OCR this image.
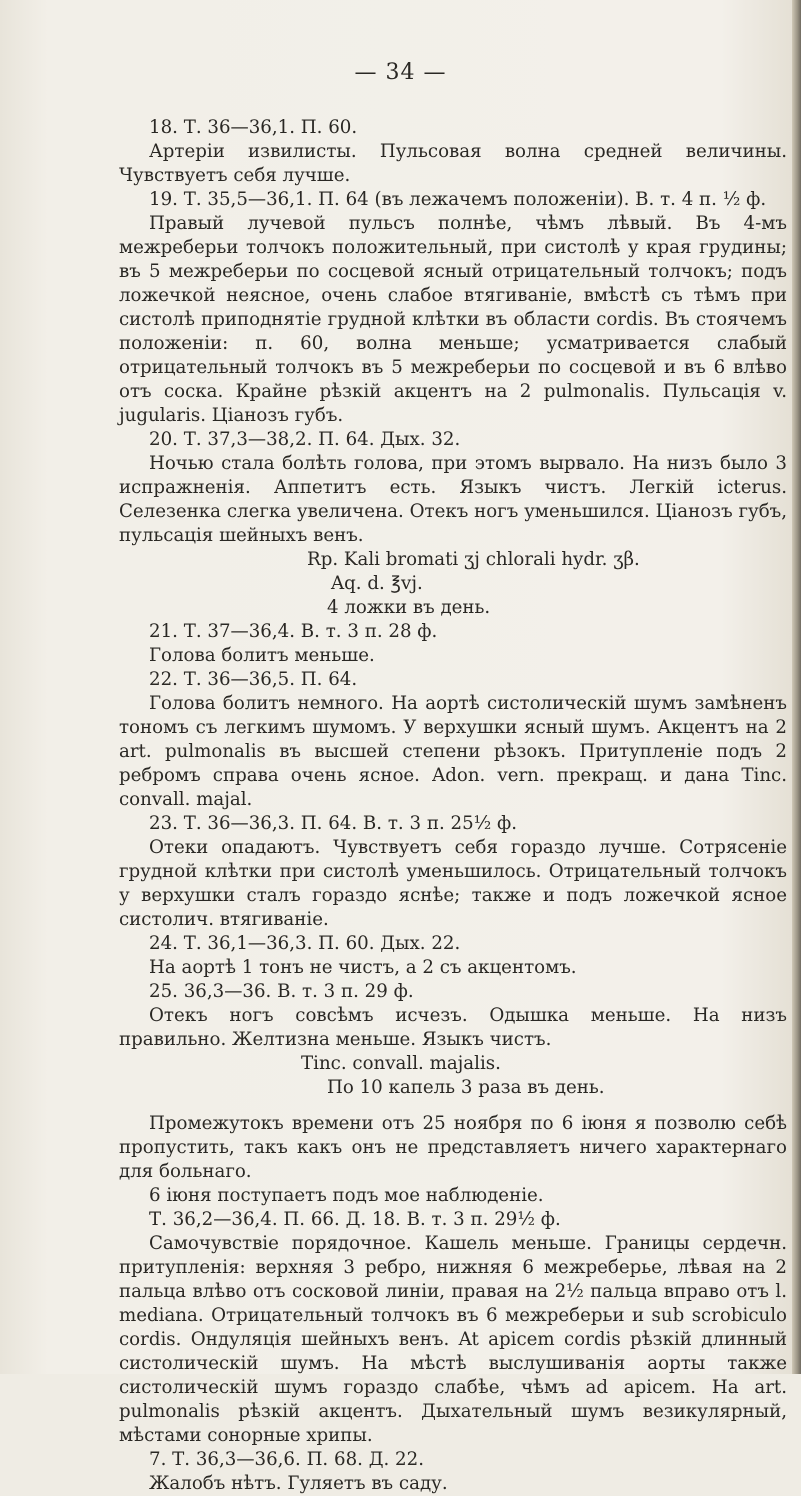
— 34 —

18. Т. 36—36,1. П. 60.

Артеріи извилисты. Пульсовая волна средней величины. Чувствуетъ себя лучше.

19. Т. 35,5—36,1. П. 64 (въ лежачемъ положеніи). В. т. 4 п. ½ ф.

Правый лучевой пульсъ полнѣе, чѣмъ лѣвый. Въ 4-мъ межреберьи толчокъ положительный, при систолѣ у края грудины; въ 5 межреберьи по сосцевой ясный отрицательный толчокъ; подъ ложечкой неясное, очень слабое втягиваніе, вмѣстѣ съ тѣмъ при систолѣ приподнятіе грудной клѣтки въ области cordis. Въ стоячемъ положеніи: п. 60, волна меньше; усматривается слабый отрицательный толчокъ въ 5 межреберьи по сосцевой и въ 6 влѣво отъ соска. Крайне рѣзкій акцентъ на 2 pulmonalis. Пульсація v. jugularis. Ціанозъ губъ.

20. Т. 37,3—38,2. П. 64. Дых. 32.

Ночью стала болѣть голова, при этомъ вырвало. На низъ было 3 испражненія. Аппетитъ есть. Языкъ чистъ. Легкій icterus. Селезенка слегка увеличена. Отекъ ногъ уменьшился. Ціанозъ губъ, пульсація шейныхъ венъ.

Rp. Kali bromati ʒj chlorali hydr. ʒβ.

Aq. d. ℥vj.

4 ложки въ день.

21. Т. 37—36,4. В. т. 3 п. 28 ф.

Голова болитъ меньше.

22. Т. 36—36,5. П. 64.

Голова болитъ немного. На аортѣ систолическій шумъ замѣненъ тономъ съ легкимъ шумомъ. У верхушки ясный шумъ. Акцентъ на 2 art. pulmonalis въ высшей степени рѣзокъ. Притупленіе подъ 2 ребромъ справа очень ясное. Adon. vern. прекращ. и дана Tinc. convall. majal.

23. Т. 36—36,3. П. 64. В. т. 3 п. 25½ ф.

Отеки опадаютъ. Чувствуетъ себя гораздо лучше. Сотрясеніе грудной клѣтки при систолѣ уменьшилось. Отрицательный толчокъ у верхушки сталъ гораздо яснѣе; также и подъ ложечкой ясное систолич. втягиваніе.

24. Т. 36,1—36,3. П. 60. Дых. 22.

На аортѣ 1 тонъ не чистъ, а 2 съ акцентомъ.

25. 36,3—36. В. т. 3 п. 29 ф.

Отекъ ногъ совсѣмъ исчезъ. Одышка меньше. На низъ правильно. Желтизна меньше. Языкъ чистъ.

Tinc. convall. majalis.

По 10 капель 3 раза въ день.

Промежутокъ времени отъ 25 ноября по 6 іюня я позволю себѣ пропустить, такъ какъ онъ не представляетъ ничего характернаго для больнаго.

6 іюня поступаетъ подъ мое наблюденіе.

Т. 36,2—36,4. П. 66. Д. 18. В. т. 3 п. 29½ ф.

Самочувствіе порядочное. Кашель меньше. Границы сердечн. притупленія: верхняя 3 ребро, нижняя 6 межреберье, лѣвая на 2 пальца влѣво отъ сосковой линіи, правая на 2½ пальца вправо отъ l. mediana. Отрицательный толчокъ въ 6 межреберьи и sub scrobiculo cordis. Ондуляція шейныхъ венъ. At apicem cordis рѣзкій длинный систолическій шумъ. На мѣстѣ выслушиванія аорты также систолическій шумъ гораздо слабѣе, чѣмъ ad apicem. На art. pulmonalis рѣзкій акцентъ. Дыхательный шумъ везикулярный, мѣстами сонорные хрипы.

7. Т. 36,3—36,6. П. 68. Д. 22.

Жалобъ нѣтъ. Гуляетъ въ саду.
